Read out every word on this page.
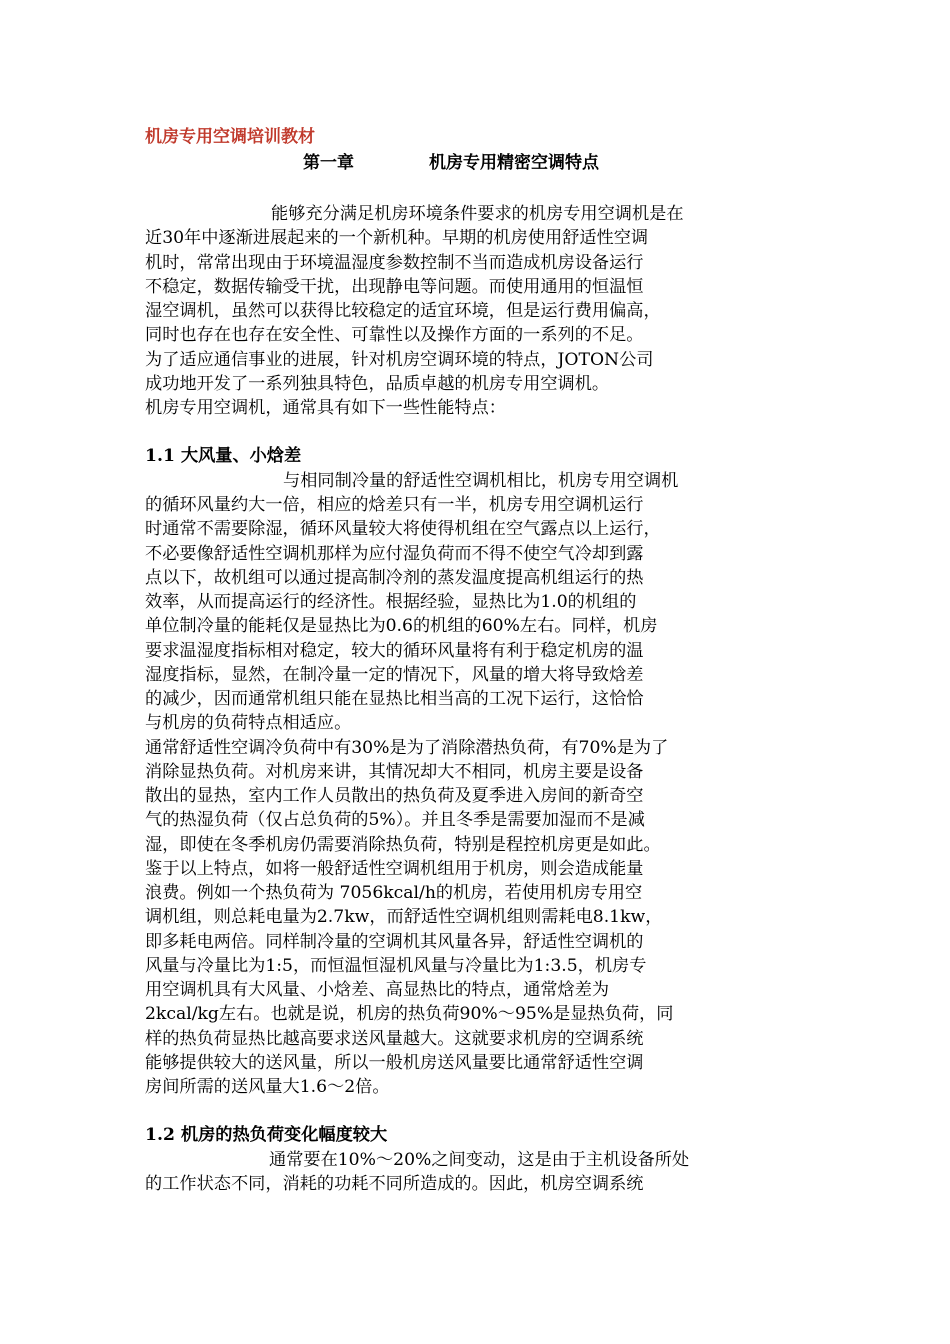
机房专用空调培训教材
第一章	机房专用精密空调特点
能够充分满足机房环境条件要求的机房专用空调机是在
近30年中逐渐进展起来的一个新机种。早期的机房使用舒适性空调
机时，常常出现由于环境温湿度参数控制不当而造成机房设备运行
不稳定，数据传输受干扰，出现静电等问题。而使用通用的恒温恒
湿空调机，虽然可以获得比较稳定的适宜环境，但是运行费用偏高，
同时也存在也存在安全性、可靠性以及操作方面的一系列的不足。
为了适应通信事业的进展，针对机房空调环境的特点，JOTON公司
成功地开发了一系列独具特色，品质卓越的机房专用空调机。
机房专用空调机，通常具有如下一些性能特点：
1.1 大风量、小焓差
与相同制冷量的舒适性空调机相比，机房专用空调机
的循环风量约大一倍，相应的焓差只有一半，机房专用空调机运行
时通常不需要除湿，循环风量较大将使得机组在空气露点以上运行，
不必要像舒适性空调机那样为应付湿负荷而不得不使空气冷却到露
点以下，故机组可以通过提高制冷剂的蒸发温度提高机组运行的热
效率，从而提高运行的经济性。根据经验，显热比为1.0的机组的
单位制冷量的能耗仅是显热比为0.6的机组的60%左右。同样，机房
要求温湿度指标相对稳定，较大的循环风量将有利于稳定机房的温
湿度指标，显然，在制冷量一定的情况下，风量的增大将导致焓差
的减少，因而通常机组只能在显热比相当高的工况下运行，这恰恰
与机房的负荷特点相适应。
通常舒适性空调冷负荷中有30%是为了消除潜热负荷，有70%是为了
消除显热负荷。对机房来讲，其情况却大不相同，机房主要是设备
散出的显热，室内工作人员散出的热负荷及夏季进入房间的新奇空
气的热湿负荷（仅占总负荷的5%）。并且冬季是需要加湿而不是减
湿，即使在冬季机房仍需要消除热负荷，特别是程控机房更是如此。
鉴于以上特点，如将一般舒适性空调机组用于机房，则会造成能量
浪费。例如一个热负荷为 7056kcal/h的机房，若使用机房专用空
调机组，则总耗电量为2.7kw，而舒适性空调机组则需耗电8.1kw，
即多耗电两倍。同样制冷量的空调机其风量各异，舒适性空调机的
风量与冷量比为1:5，而恒温恒湿机风量与冷量比为1:3.5，机房专
用空调机具有大风量、小焓差、高显热比的特点，通常焓差为
2kcal/kg左右。也就是说，机房的热负荷90%～95%是显热负荷，同
样的热负荷显热比越高要求送风量越大。这就要求机房的空调系统
能够提供较大的送风量，所以一般机房送风量要比通常舒适性空调
房间所需的送风量大1.6～2倍。
1.2 机房的热负荷变化幅度较大
通常要在10%～20%之间变动，这是由于主机设备所处
的工作状态不同，消耗的功耗不同所造成的。因此，机房空调系统
